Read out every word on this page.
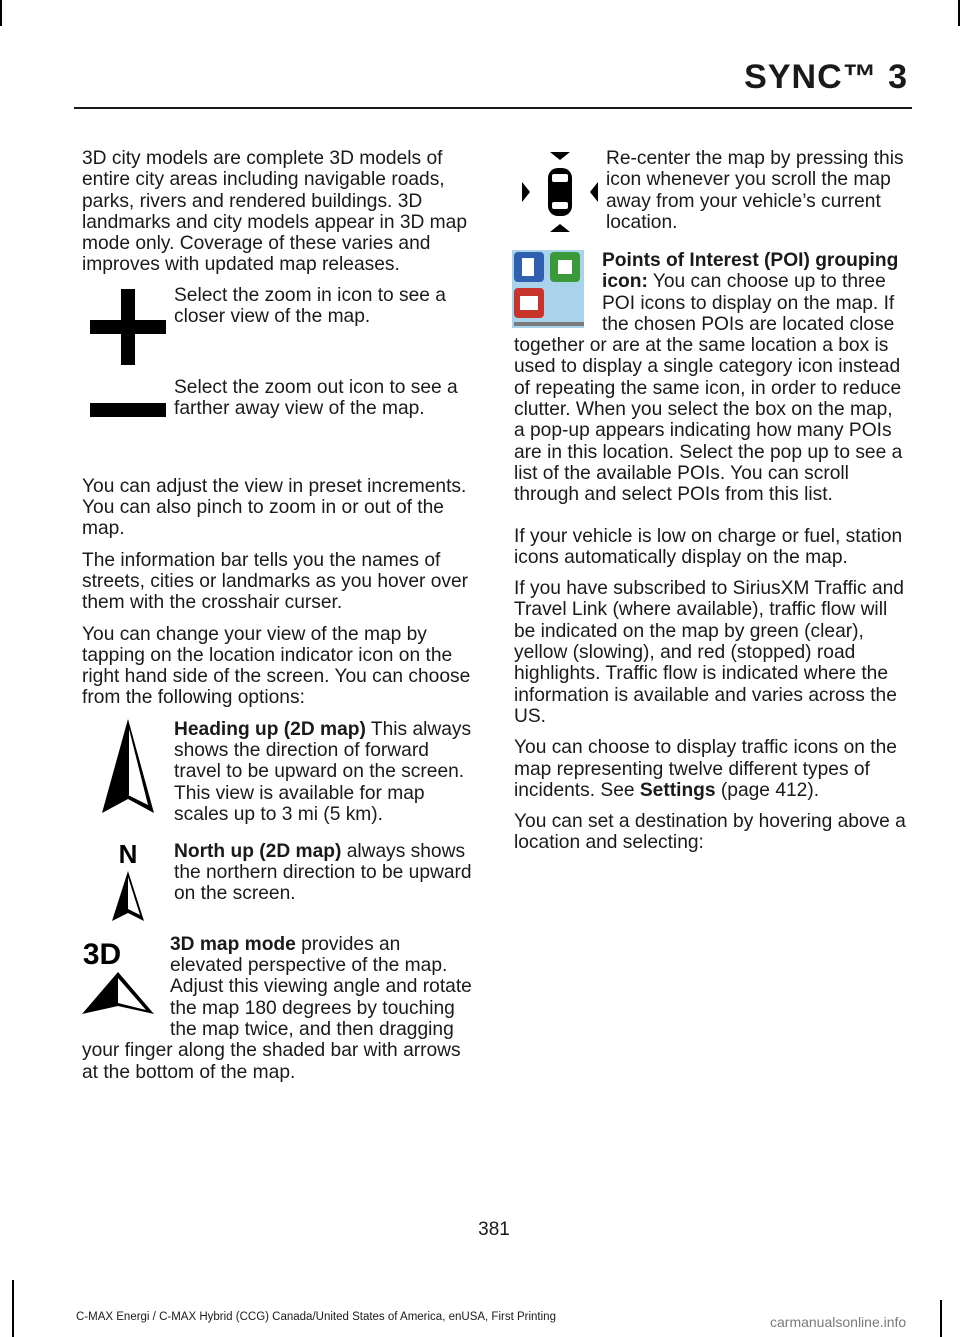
SYNC™ 3

3D city models are complete 3D models of entire city areas including navigable roads, parks, rivers and rendered buildings. 3D landmarks and city models appear in 3D map mode only. Coverage of these varies and improves with updated map releases.

Select the zoom in icon to see a closer view of the map.
Select the zoom out icon to see a farther away view of the map.

You can adjust the view in preset increments. You can also pinch to zoom in or out of the map.

The information bar tells you the names of streets, cities or landmarks as you hover over them with the crosshair curser.

You can change your view of the map by tapping on the location indicator icon on the right hand side of the screen. You can choose from the following options:

Heading up (2D map) This always shows the direction of forward travel to be upward on the screen. This view is available for map scales up to 3 mi (5 km).
N North up (2D map) always shows the northern direction to be upward on the screen.
3D	3D map mode provides an elevated perspective of the map. Adjust this viewing angle and rotate the map 180 degrees by touching the map twice, and then dragging your finger along the shaded bar with arrows at the bottom of the map.
Re-center the map by pressing this icon whenever you scroll the map away from your vehicle’s current location.
Points of Interest (POI) grouping icon: You can choose up to three POI icons to display on the map. If the chosen POIs are located close together or are at the same location a box is used to display a single category icon instead of repeating the same icon, in order to reduce clutter. When you select the box on the map, a pop-up appears indicating how many POIs are in this location. Select the pop up to see a list of the available POIs. You can scroll through and select POIs from this list.

If your vehicle is low on charge or fuel, station icons automatically display on the map.

If you have subscribed to SiriusXM Traffic and Travel Link (where available), traffic flow will be indicated on the map by green (clear), yellow (slowing), and red (stopped) road highlights. Traffic flow is indicated where the information is available and varies across the US.

You can choose to display traffic icons on the map representing twelve different types of incidents. See Settings (page 412).

You can set a destination by hovering above a location and selecting:

381
C-MAX Energi / C-MAX Hybrid (CCG) Canada/United States of America, enUSA, First Printing	carmanualsonline.info
